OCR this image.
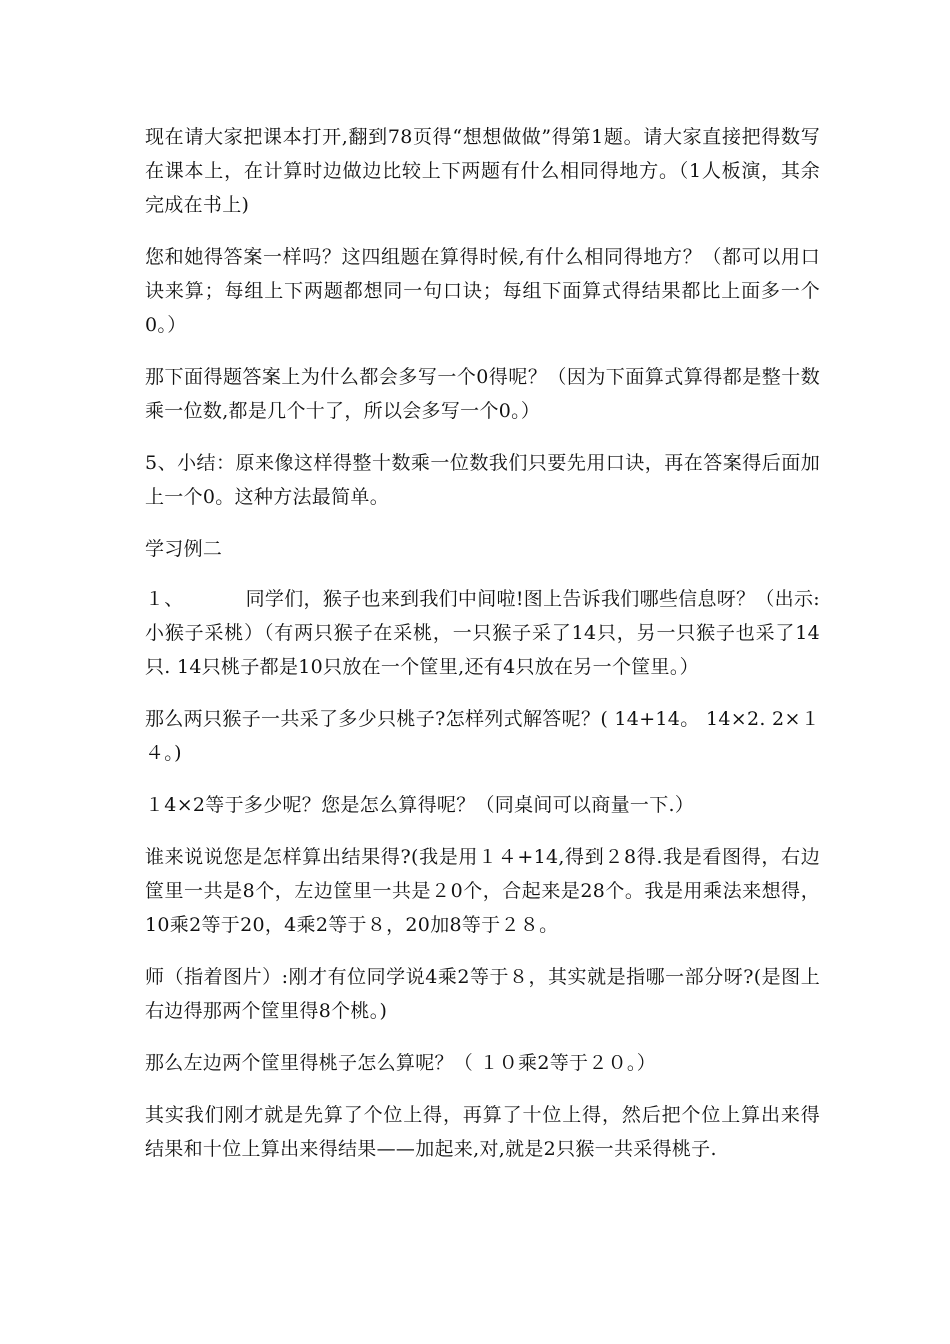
现在请大家把课本打开,翻到78页得“想想做做”得第1题。请大家直接把得数写在课本上，在计算时边做边比较上下两题有什么相同得地方。（1人板演，其余完成在书上)

您和她得答案一样吗？这四组题在算得时候,有什么相同得地方？（都可以用口诀来算；每组上下两题都想同一句口诀；每组下面算式得结果都比上面多一个0。）

那下面得题答案上为什么都会多写一个0得呢？（因为下面算式算得都是整十数乘一位数,都是几个十了，所以会多写一个0。）

5、小结：原来像这样得整十数乘一位数我们只要先用口诀，再在答案得后面加上一个0。这种方法最简单。

学习例二

１、	同学们，猴子也来到我们中间啦!图上告诉我们哪些信息呀？（出示:小猴子采桃）（有两只猴子在采桃，一只猴子采了14只，另一只猴子也采了14只. 14只桃子都是10只放在一个筐里,还有4只放在另一个筐里。）

那么两只猴子一共采了多少只桃子?怎样列式解答呢？( 14+14。 14×2. 2×１４。)

１4×2等于多少呢？您是怎么算得呢？（同桌间可以商量一下.）

谁来说说您是怎样算出结果得?(我是用１４+14,得到２8得.我是看图得，右边筐里一共是8个，左边筐里一共是２0个，合起来是28个。我是用乘法来想得，10乘2等于20，4乘2等于８，20加8等于２８。

师（指着图片）:刚才有位同学说4乘2等于８，其实就是指哪一部分呀?(是图上右边得那两个筐里得8个桃。)

那么左边两个筐里得桃子怎么算呢？（ １０乘2等于２０。）

其实我们刚才就是先算了个位上得，再算了十位上得，然后把个位上算出来得结果和十位上算出来得结果——加起来,对,就是2只猴一共采得桃子.
